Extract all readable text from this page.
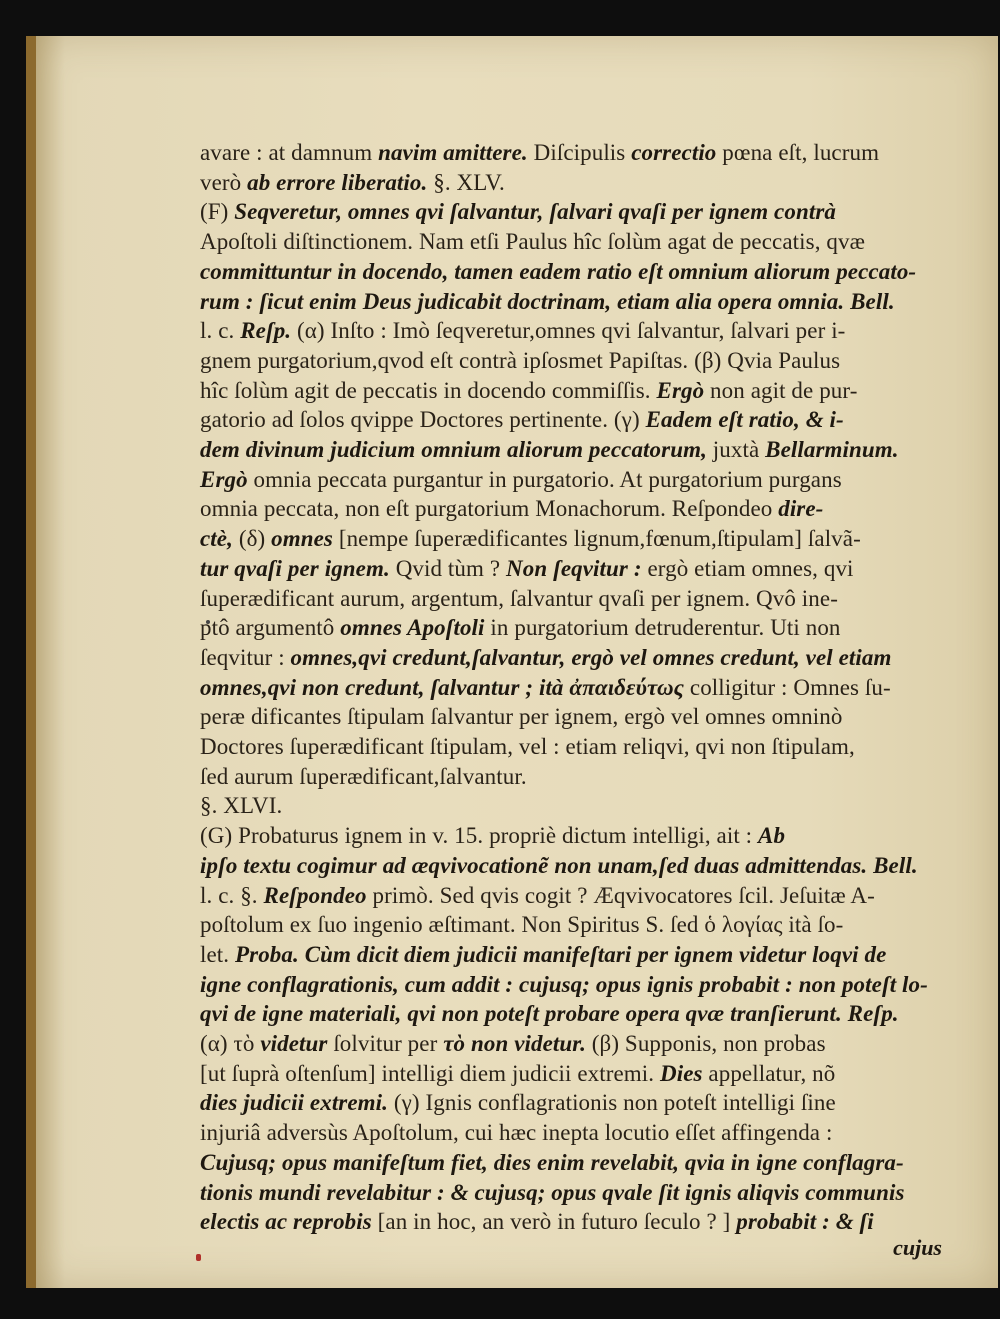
avare : at damnum navim amittere. Diſcipulis correctio pœna eſt, lucrum
verò ab errore liberatio. §. XLV.
(F) Seqveretur, omnes qvi ſalvantur, ſalvari qvaſi per ignem contrà
Apoſtoli diſtinctionem. Nam etſi Paulus hîc ſolùm agat de peccatis, qvæ
committuntur in docendo, tamen eadem ratio eſt omnium aliorum peccato-
rum : ſicut enim Deus judicabit doctrinam, etiam alia opera omnia. Bell.
l. c. Reſp. (α) Inſto : Imò ſeqveretur,omnes qvi ſalvantur, ſalvari per i-
gnem purgatorium,qvod eſt contrà ipſosmet Papiſtas. (β) Qvia Paulus
hîc ſolùm agit de peccatis in docendo commiſſis. Ergò non agit de pur-
gatorio ad ſolos qvippe Doctores pertinente. (γ) Eadem eſt ratio, & i-
dem divinum judicium omnium aliorum peccatorum, juxtà Bellarminum.
Ergò omnia peccata purgantur in purgatorio. At purgatorium purgans
omnia peccata, non eſt purgatorium Monachorum. Reſpondeo dire-
ctè, (δ) omnes [nempe ſuperædificantes lignum,fœnum,ſtipulam] ſalvã-
tur qvaſi per ignem. Qvid tùm ? Non ſeqvitur : ergò etiam omnes, qvi
ſuperædificant aurum, argentum, ſalvantur qvaſi per ignem. Qvô ine-
ptô argumentô omnes Apoſtoli in purgatorium detruderentur. Uti non
ſeqvitur : omnes,qvi credunt,ſalvantur, ergò vel omnes credunt, vel etiam
omnes,qvi non credunt, ſalvantur ; ità ἀπαιδεύτως colligitur : Omnes ſu-
peræ dificantes ſtipulam ſalvantur per ignem, ergò vel omnes omninò
Doctores ſuperædificant ſtipulam, vel : etiam reliqvi, qvi non ſtipulam,
ſed aurum ſuperædificant,ſalvantur.
§. XLVI.
(G) Probaturus ignem in v. 15. propriè dictum intelligi, ait : Ab
ipſo textu cogimur ad æqvivocationẽ non unam,ſed duas admittendas. Bell.
l. c. §. Reſpondeo primò. Sed qvis cogit ? Æqvivocatores ſcil. Jeſuitæ A-
poſtolum ex ſuo ingenio æſtimant. Non Spiritus S. ſed ὁ λογίας ità ſo-
let. Proba. Cùm dicit diem judicii manifeſtari per ignem videtur loqvi de
igne conflagrationis, cum addit : cujusq; opus ignis probabit : non poteſt lo-
qvi de igne materiali, qvi non poteſt probare opera qvæ tranſierunt. Reſp.
(α) τὸ videtur ſolvitur per τὸ non videtur. (β) Supponis, non probas
[ut ſuprà oſtenſum] intelligi diem judicii extremi. Dies appellatur, nõ
dies judicii extremi. (γ) Ignis conflagrationis non poteſt intelligi ſine
injuriâ adversùs Apoſtolum, cui hæc inepta locutio eſſet affingenda :
Cujusq; opus manifeſtum fiet, dies enim revelabit, qvia in igne conflagra-
tionis mundi revelabitur : & cujusq; opus qvale ſit ignis aliqvis communis
electis ac reprobis [an in hoc, an verò in futuro ſeculo ? ] probabit : & ſi
cujus
